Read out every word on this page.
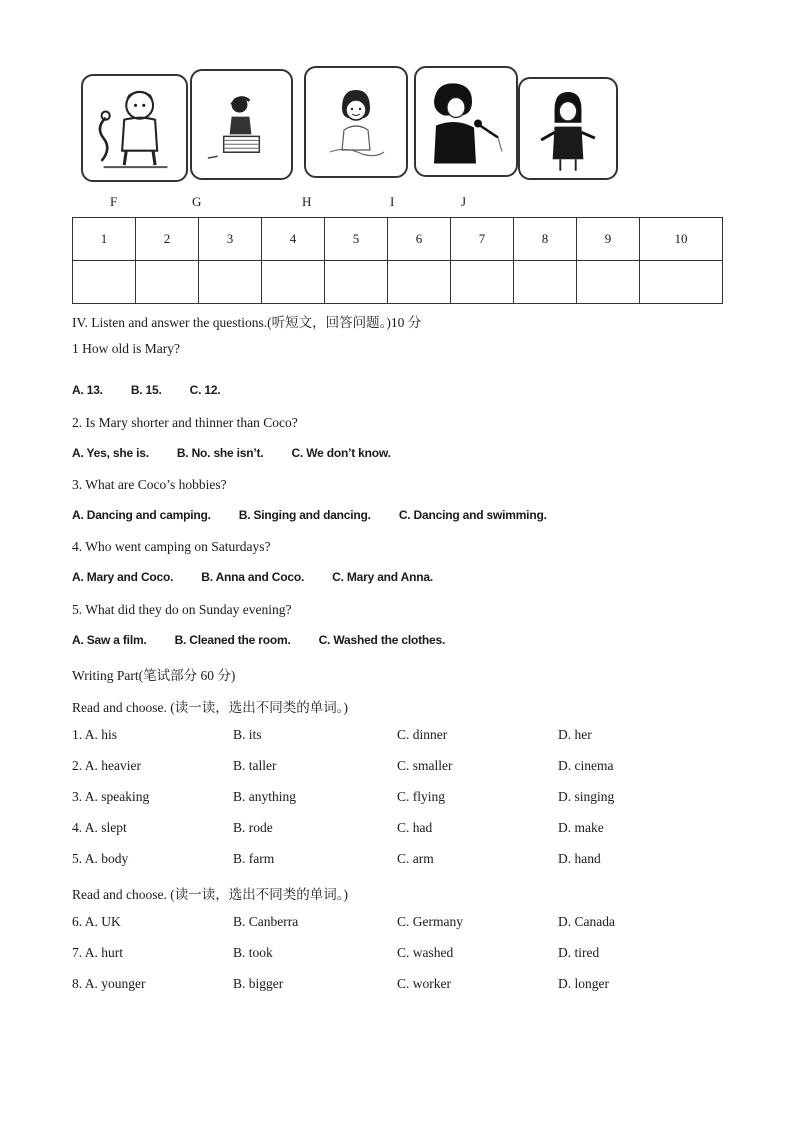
F	G	H	I	J
1	2	3	4	5	6	7	8	9	10

IV. Listen and answer the questions.(听短文，回答问题。)10 分
1 How old is Mary?
A. 13. B. 15. C. 12.
2. Is Mary shorter and thinner than Coco?
A. Yes, she is. B. No. she isn’t. C. We don’t know.
3. What are Coco’s hobbies?
A. Dancing and camping. B. Singing and dancing. C. Dancing and swimming.
4. Who went camping on Saturdays?
A. Mary and Coco. B. Anna and Coco. C. Mary and Anna.
5. What did they do on Sunday evening?
A. Saw a film. B. Cleaned the room. C. Washed the clothes.
Writing Part(笔试部分 60 分)
Read and choose. (读一读，选出不同类的单词。)
1. A. his	B. its	C. dinner	D. her
2. A. heavier	B. taller	C. smaller	D. cinema
3. A. speaking	B. anything	C. flying	D. singing
4. A. slept	B. rode	C. had	D. make
5. A. body	B. farm	C. arm	D. hand
Read and choose. (读一读，选出不同类的单词。)
6. A. UK	B. Canberra	C. Germany	D. Canada
7. A. hurt	B. took	C. washed	D. tired
8. A. younger	B. bigger	C. worker	D. longer
